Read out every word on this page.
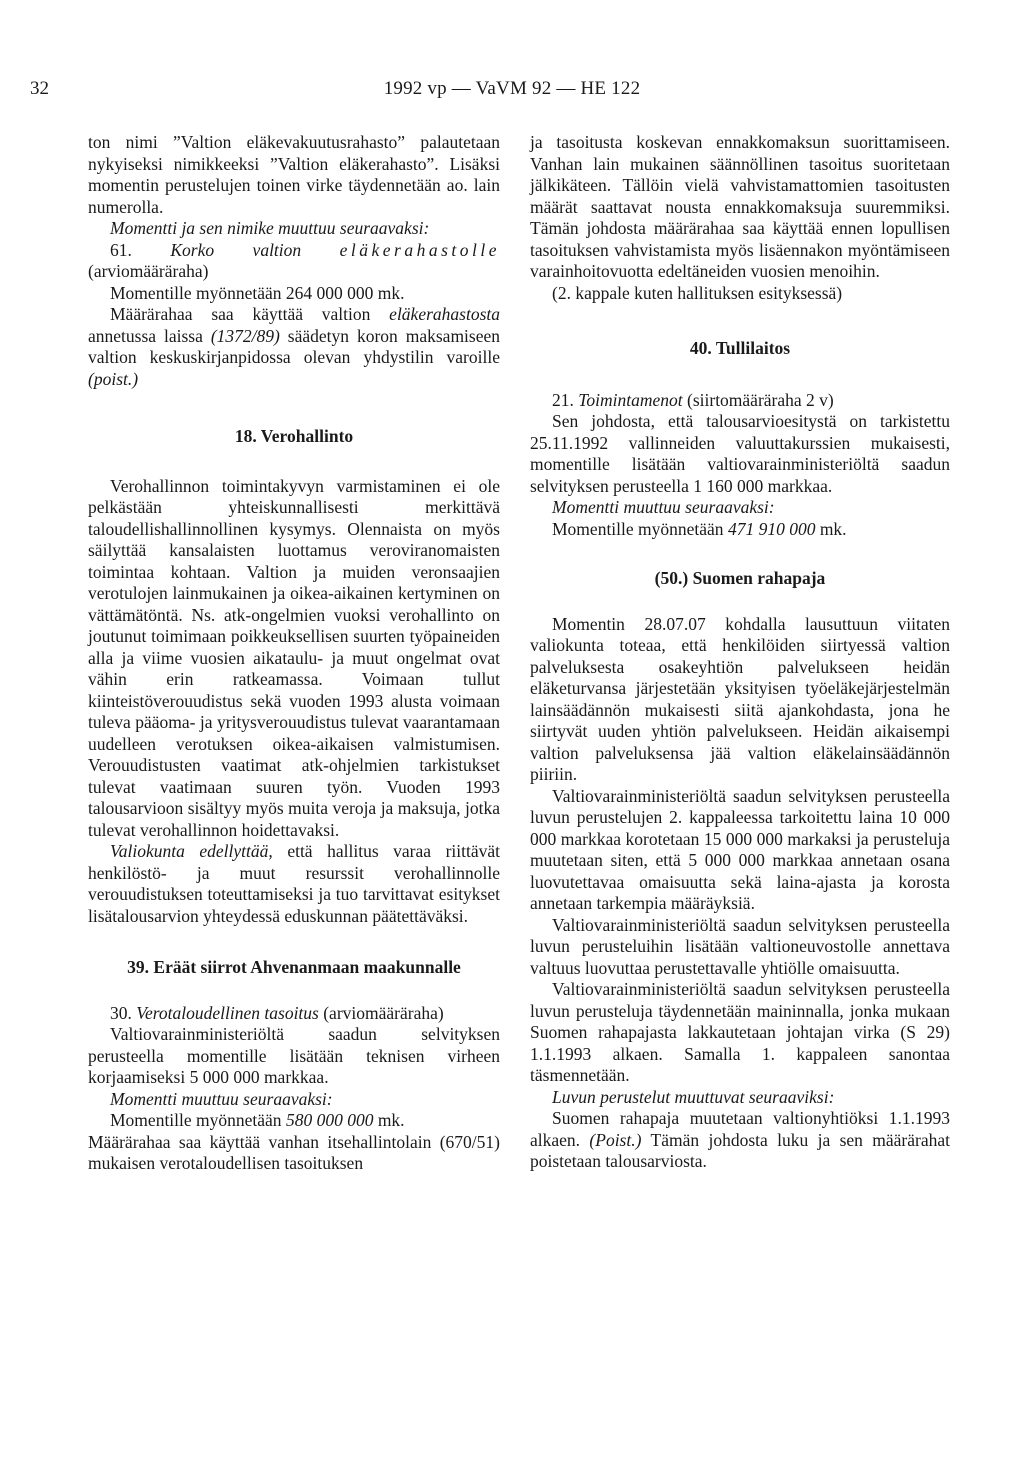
32	1992 vp — VaVM 92 — HE 122

ton nimi ”Valtion eläkevakuutusrahasto” palautetaan nykyiseksi nimikkeeksi ”Valtion eläkerahasto”. Lisäksi momentin perustelujen toinen virke täydennetään ao. lain numerolla.

Momentti ja sen nimike muuttuu seuraavaksi:

61. Korko valtion eläkerahastolle (arviomääräraha)

Momentille myönnetään 264 000 000 mk.

Määrärahaa saa käyttää valtion eläkerahastosta annetussa laissa (1372/89) säädetyn koron maksamiseen valtion keskuskirjanpidossa olevan yhdystilin varoille (poist.)

18. Verohallinto

Verohallinnon toimintakyvyn varmistaminen ei ole pelkästään yhteiskunnallisesti merkittävä taloudellishallinnollinen kysymys. Olennaista on myös säilyttää kansalaisten luottamus veroviranomaisten toimintaa kohtaan. Valtion ja muiden veronsaajien verotulojen lainmukainen ja oikea-aikainen kertyminen on vättämätöntä. Ns. atk-ongelmien vuoksi verohallinto on joutunut toimimaan poikkeuksellisen suurten työpaineiden alla ja viime vuosien aikataulu- ja muut ongelmat ovat vähin erin ratkeamassa. Voimaan tullut kiinteistöverouudistus sekä vuoden 1993 alusta voimaan tuleva pääoma- ja yritysverouudistus tulevat vaarantamaan uudelleen verotuksen oikea-aikaisen valmistumisen. Verouudistusten vaatimat atk-ohjelmien tarkistukset tulevat vaatimaan suuren työn. Vuoden 1993 talousarvioon sisältyy myös muita veroja ja maksuja, jotka tulevat verohallinnon hoidettavaksi.

Valiokunta edellyttää, että hallitus varaa riittävät henkilöstö- ja muut resurssit verohallinnolle verouudistuksen toteuttamiseksi ja tuo tarvittavat esitykset lisätalousarvion yhteydessä eduskunnan päätettäväksi.

39. Eräät siirrot Ahvenanmaan maakunnalle

30. Verotaloudellinen tasoitus (arviomääräraha)

Valtiovarainministeriöltä saadun selvityksen perusteella momentille lisätään teknisen virheen korjaamiseksi 5 000 000 markkaa.

Momentti muuttuu seuraavaksi:

Momentille myönnetään 580 000 000 mk.

Määrärahaa saa käyttää vanhan itsehallintolain (670/51) mukaisen verotaloudellisen tasoituksen

ja tasoitusta koskevan ennakkomaksun suorittamiseen. Vanhan lain mukainen säännöllinen tasoitus suoritetaan jälkikäteen. Tällöin vielä vahvistamattomien tasoitusten määrät saattavat nousta ennakkomaksuja suuremmiksi. Tämän johdosta määrärahaa saa käyttää ennen lopullisen tasoituksen vahvistamista myös lisäennakon myöntämiseen varainhoitovuotta edeltäneiden vuosien menoihin.

(2. kappale kuten hallituksen esityksessä)

40. Tullilaitos

21. Toimintamenot (siirtomääräraha 2 v)

Sen johdosta, että talousarvioesitystä on tarkistettu 25.11.1992 vallinneiden valuuttakurssien mukaisesti, momentille lisätään valtiovarainministeriöltä saadun selvityksen perusteella 1 160 000 markkaa.

Momentti muuttuu seuraavaksi:

Momentille myönnetään 471 910 000 mk.

(50.) Suomen rahapaja

Momentin 28.07.07 kohdalla lausuttuun viitaten valiokunta toteaa, että henkilöiden siirtyessä valtion palveluksesta osakeyhtiön palvelukseen heidän eläketurvansa järjestetään yksityisen työeläkejärjestelmän lainsäädännön mukaisesti siitä ajankohdasta, jona he siirtyvät uuden yhtiön palvelukseen. Heidän aikaisempi valtion palveluksensa jää valtion eläkelainsäädännön piiriin.

Valtiovarainministeriöltä saadun selvityksen perusteella luvun perustelujen 2. kappaleessa tarkoitettu laina 10 000 000 markkaa korotetaan 15 000 000 markaksi ja perusteluja muutetaan siten, että 5 000 000 markkaa annetaan osana luovutettavaa omaisuutta sekä laina-ajasta ja korosta annetaan tarkempia määräyksiä.

Valtiovarainministeriöltä saadun selvityksen perusteella luvun perusteluihin lisätään valtioneuvostolle annettava valtuus luovuttaa perustettavalle yhtiölle omaisuutta.

Valtiovarainministeriöltä saadun selvityksen perusteella luvun perusteluja täydennetään maininnalla, jonka mukaan Suomen rahapajasta lakkautetaan johtajan virka (S 29) 1.1.1993 alkaen. Samalla 1. kappaleen sanontaa täsmennetään.

Luvun perustelut muuttuvat seuraaviksi:

Suomen rahapaja muutetaan valtionyhtiöksi 1.1.1993 alkaen. (Poist.) Tämän johdosta luku ja sen määrärahat poistetaan talousarviosta.
